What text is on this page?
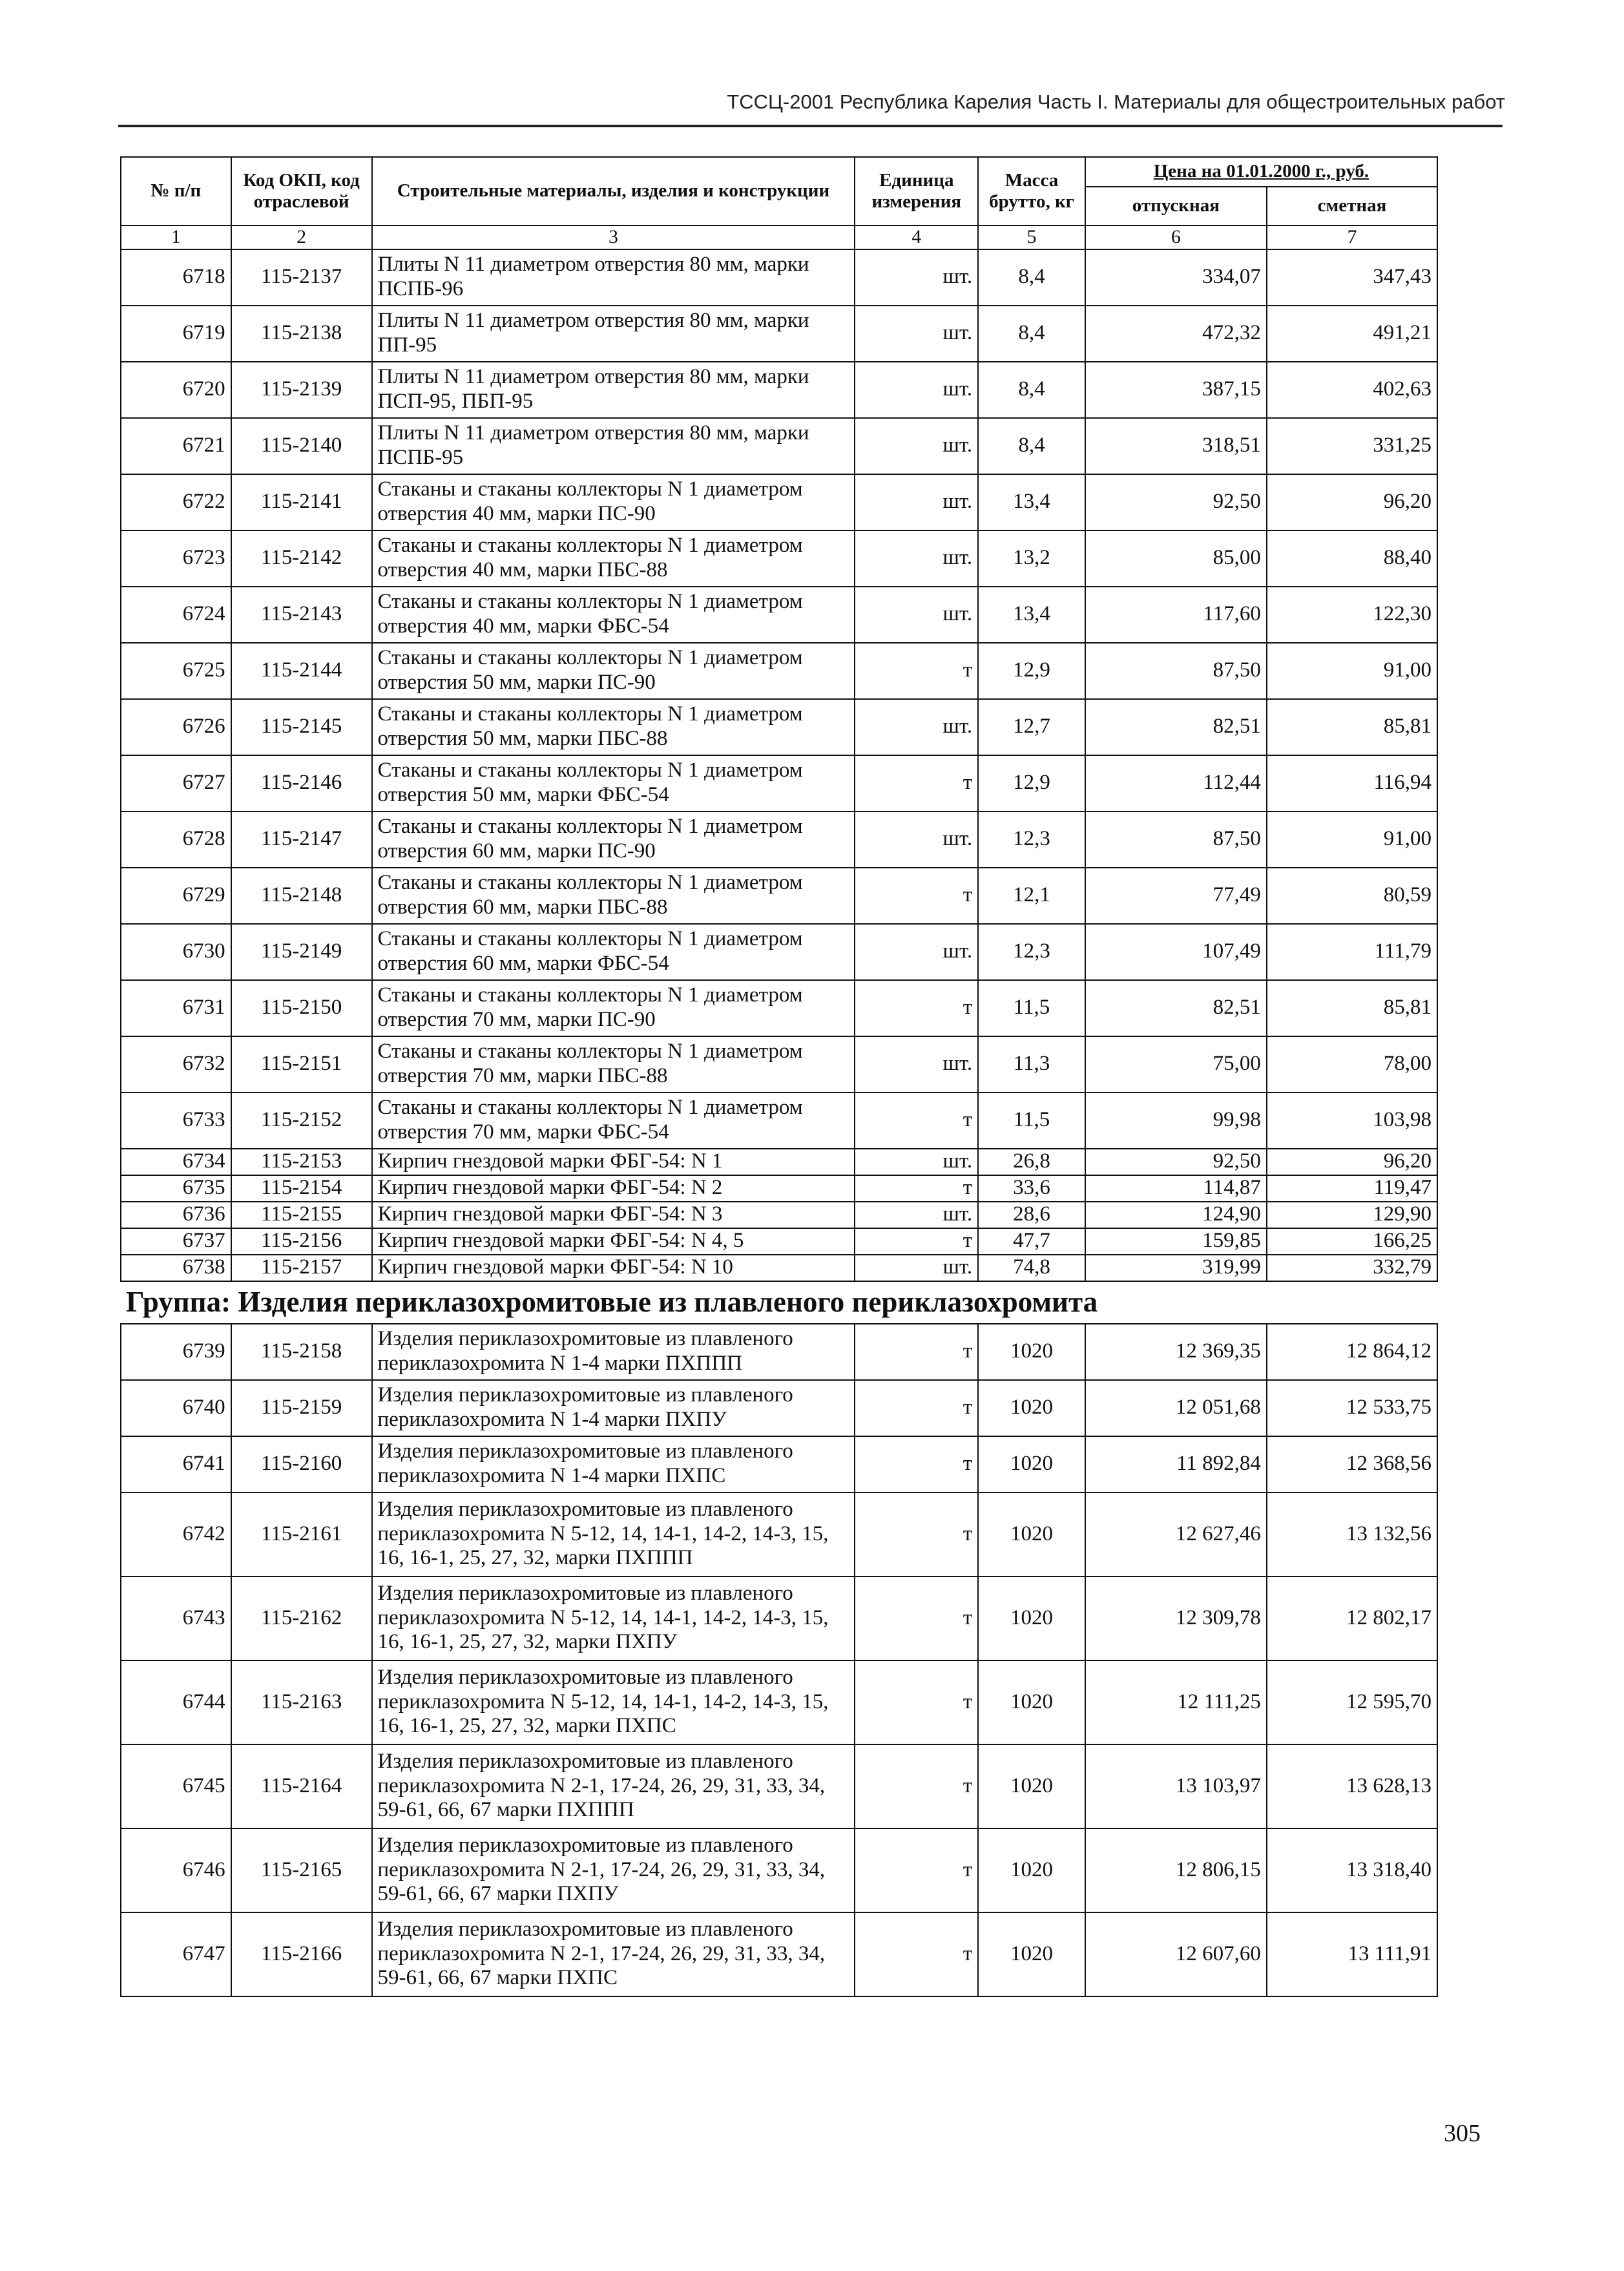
ТССЦ-2001 Республика Карелия Часть I. Материалы для общестроительных работ
№ п/п	Код ОКП, код отраслевой	Строительные материалы, изделия и конструкции	Единица измерения	Масса брутто, кг	Цена на 01.01.2000 г., руб.	
					отпускная	сметная
1	2	3	4	5	6	7
6718	115-2137	Плиты N 11 диаметром отверстия 80 мм, марки ПСПБ-96	шт.	8,4	334,07	347,43
6719	115-2138	Плиты N 11 диаметром отверстия 80 мм, марки ПП-95	шт.	8,4	472,32	491,21
6720	115-2139	Плиты N 11 диаметром отверстия 80 мм, марки ПСП-95, ПБП-95	шт.	8,4	387,15	402,63
6721	115-2140	Плиты N 11 диаметром отверстия 80 мм, марки ПСПБ-95	шт.	8,4	318,51	331,25
6722	115-2141	Стаканы и стаканы коллекторы N 1 диаметром отверстия 40 мм, марки ПС-90	шт.	13,4	92,50	96,20
6723	115-2142	Стаканы и стаканы коллекторы N 1 диаметром отверстия 40 мм, марки ПБС-88	шт.	13,2	85,00	88,40
6724	115-2143	Стаканы и стаканы коллекторы N 1 диаметром отверстия 40 мм, марки ФБС-54	шт.	13,4	117,60	122,30
6725	115-2144	Стаканы и стаканы коллекторы N 1 диаметром отверстия 50 мм, марки ПС-90	т	12,9	87,50	91,00
6726	115-2145	Стаканы и стаканы коллекторы N 1 диаметром отверстия 50 мм, марки ПБС-88	шт.	12,7	82,51	85,81
6727	115-2146	Стаканы и стаканы коллекторы N 1 диаметром отверстия 50 мм, марки ФБС-54	т	12,9	112,44	116,94
6728	115-2147	Стаканы и стаканы коллекторы N 1 диаметром отверстия 60 мм, марки ПС-90	шт.	12,3	87,50	91,00
6729	115-2148	Стаканы и стаканы коллекторы N 1 диаметром отверстия 60 мм, марки ПБС-88	т	12,1	77,49	80,59
6730	115-2149	Стаканы и стаканы коллекторы N 1 диаметром отверстия 60 мм, марки ФБС-54	шт.	12,3	107,49	111,79
6731	115-2150	Стаканы и стаканы коллекторы N 1 диаметром отверстия 70 мм, марки ПС-90	т	11,5	82,51	85,81
6732	115-2151	Стаканы и стаканы коллекторы N 1 диаметром отверстия 70 мм, марки ПБС-88	шт.	11,3	75,00	78,00
6733	115-2152	Стаканы и стаканы коллекторы N 1 диаметром отверстия 70 мм, марки ФБС-54	т	11,5	99,98	103,98
6734	115-2153	Кирпич гнездовой марки ФБГ-54: N 1	шт.	26,8	92,50	96,20
6735	115-2154	Кирпич гнездовой марки ФБГ-54: N 2	т	33,6	114,87	119,47
6736	115-2155	Кирпич гнездовой марки ФБГ-54: N 3	шт.	28,6	124,90	129,90
6737	115-2156	Кирпич гнездовой марки ФБГ-54: N 4, 5	т	47,7	159,85	166,25
6738	115-2157	Кирпич гнездовой марки ФБГ-54: N 10	шт.	74,8	319,99	332,79
Группа: Изделия периклазохромитовые из плавленого периклазохромита						
6739	115-2158	Изделия периклазохромитовые из плавленого периклазохромита N 1-4 марки ПХППП	т	1020	12 369,35	12 864,12
6740	115-2159	Изделия периклазохромитовые из плавленого периклазохромита N 1-4 марки ПХПУ	т	1020	12 051,68	12 533,75
6741	115-2160	Изделия периклазохромитовые из плавленого периклазохромита N 1-4 марки ПХПС	т	1020	11 892,84	12 368,56
6742	115-2161	Изделия периклазохромитовые из плавленого периклазохромита N 5-12, 14, 14-1, 14-2, 14-3, 15, 16, 16-1, 25, 27, 32, марки ПХППП	т	1020	12 627,46	13 132,56
6743	115-2162	Изделия периклазохромитовые из плавленого периклазохромита N 5-12, 14, 14-1, 14-2, 14-3, 15, 16, 16-1, 25, 27, 32, марки ПХПУ	т	1020	12 309,78	12 802,17
6744	115-2163	Изделия периклазохромитовые из плавленого периклазохромита N 5-12, 14, 14-1, 14-2, 14-3, 15, 16, 16-1, 25, 27, 32, марки ПХПС	т	1020	12 111,25	12 595,70
6745	115-2164	Изделия периклазохромитовые из плавленого периклазохромита N 2-1, 17-24, 26, 29, 31, 33, 34, 59-61, 66, 67 марки ПХППП	т	1020	13 103,97	13 628,13
6746	115-2165	Изделия периклазохромитовые из плавленого периклазохромита N 2-1, 17-24, 26, 29, 31, 33, 34, 59-61, 66, 67 марки ПХПУ	т	1020	12 806,15	13 318,40
6747	115-2166	Изделия периклазохромитовые из плавленого периклазохромита N 2-1, 17-24, 26, 29, 31, 33, 34, 59-61, 66, 67 марки ПХПС	т	1020	12 607,60	13 111,91
305
